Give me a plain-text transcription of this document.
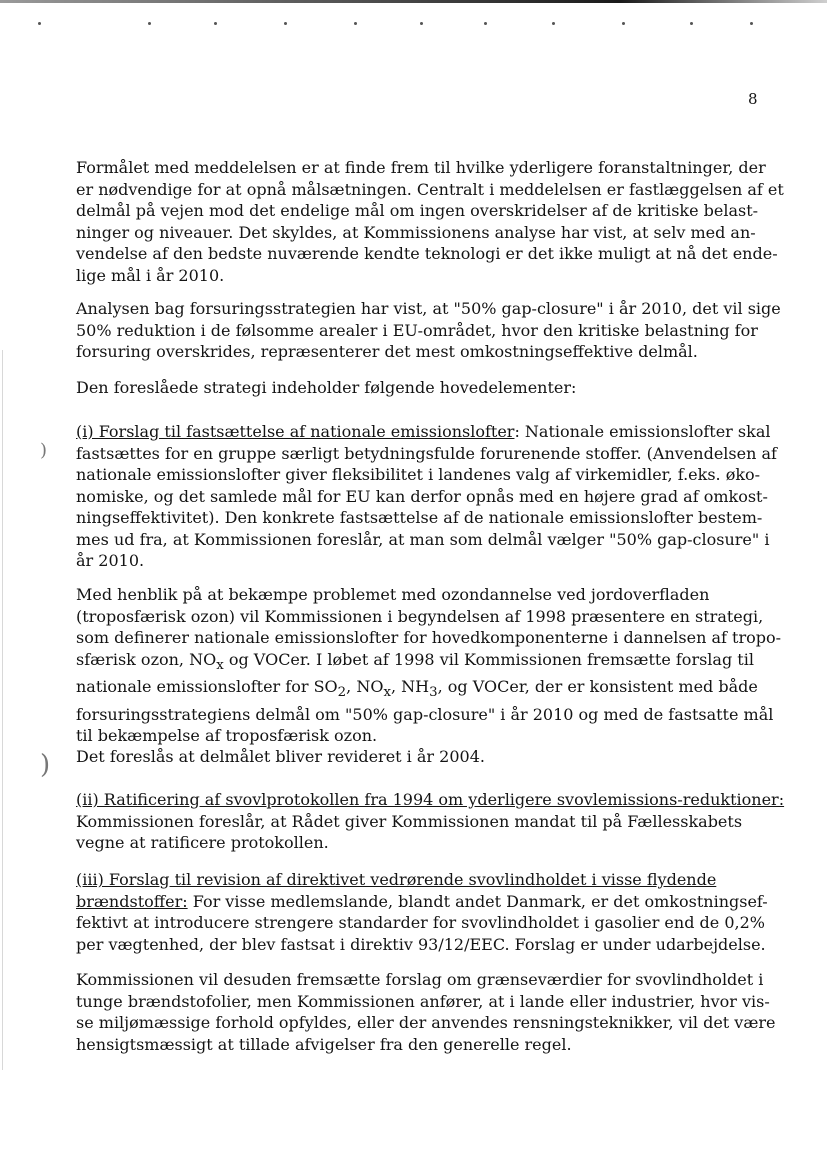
)
)
8
Formålet med meddelelsen er at finde frem til hvilke yderligere foranstaltninger, der
er nødvendige for at opnå målsætningen. Centralt i meddelelsen er fastlæggelsen af et
delmål på vejen mod det endelige mål om ingen overskridelser af de kritiske belast-
ninger og niveauer. Det skyldes, at Kommissionens analyse har vist, at selv med an-
vendelse af den bedste nuværende kendte teknologi er det ikke muligt at nå det ende-
lige mål i år 2010.
Analysen bag forsuringsstrategien har vist, at "50% gap-closure" i år 2010, det vil sige
50% reduktion i de følsomme arealer i EU-området, hvor den kritiske belastning for
forsuring overskrides, repræsenterer det mest omkostningseffektive delmål.
Den foreslåede strategi indeholder følgende hovedelementer:
(i) Forslag til fastsættelse af nationale emissionslofter: Nationale emissionslofter skal
fastsættes for en gruppe særligt betydningsfulde forurenende stoffer. (Anvendelsen af
nationale emissionslofter giver fleksibilitet i landenes valg af virkemidler, f.eks. øko-
nomiske, og det samlede mål for EU kan derfor opnås med en højere grad af omkost-
ningseffektivitet). Den konkrete fastsættelse af de nationale emissionslofter bestem-
mes ud fra, at Kommissionen foreslår, at man som delmål vælger "50% gap-closure" i
år 2010.
Med henblik på at bekæmpe problemet med ozondannelse ved jordoverfladen
(troposfærisk ozon) vil Kommissionen i begyndelsen af 1998 præsentere en strategi,
som definerer nationale emissionslofter for hovedkomponenterne i dannelsen af tropo-
sfærisk ozon, $NO_x$ og VOCer. I løbet af 1998 vil Kommissionen fremsætte forslag til
nationale emissionslofter for $SO_2$, $NO_x$, $NH_3$, og VOCer, der er konsistent med både
forsuringsstrategiens delmål om "50% gap-closure" i år 2010 og med de fastsatte mål
til bekæmpelse af troposfærisk ozon.
Det foreslås at delmålet bliver revideret i år 2004.
(ii) Ratificering af svovlprotokollen fra 1994 om yderligere svovlemissions-reduktioner:
Kommissionen foreslår, at Rådet giver Kommissionen mandat til på Fællesskabets
vegne at ratificere protokollen.
(iii) Forslag til revision af direktivet vedrørende svovlindholdet i visse flydende
brændstoffer: For visse medlemslande, blandt andet Danmark, er det omkostningsef-
fektivt at introducere strengere standarder for svovlindholdet i gasolier end de 0,2%
per vægtenhed, der blev fastsat i direktiv 93/12/EEC. Forslag er under udarbejdelse.
Kommissionen vil desuden fremsætte forslag om grænseværdier for svovlindholdet i
tunge brændstofolier, men Kommissionen anfører, at i lande eller industrier, hvor vis-
se miljømæssige forhold opfyldes, eller der anvendes rensningsteknikker, vil det være
hensigtsmæssigt at tillade afvigelser fra den generelle regel.
